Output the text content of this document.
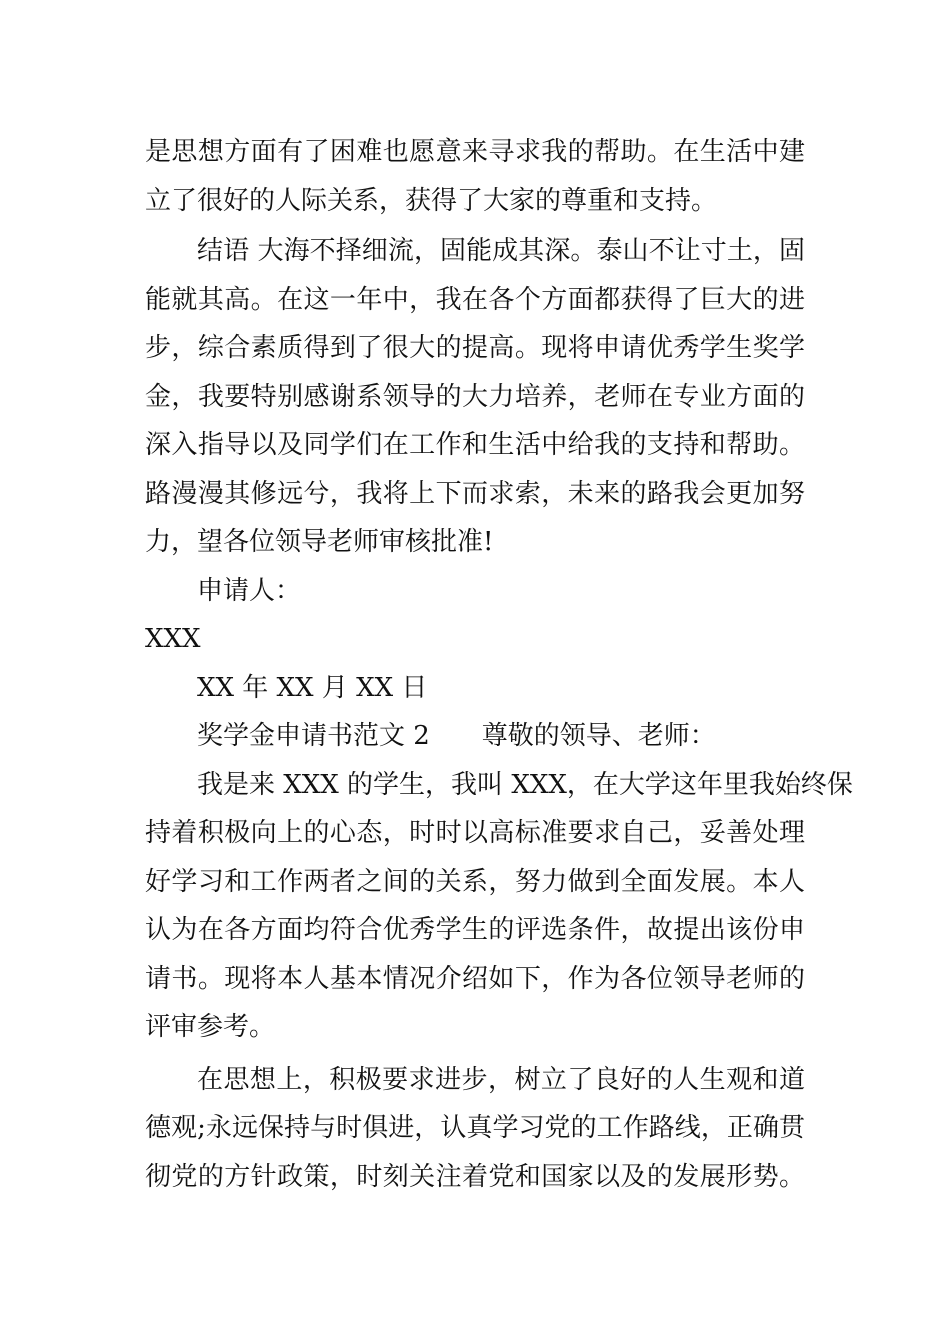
是思想方面有了困难也愿意来寻求我的帮助。在生活中建
立了很好的人际关系，获得了大家的尊重和支持。
结语 大海不择细流，固能成其深。泰山不让寸土，固
能就其高。在这一年中，我在各个方面都获得了巨大的进
步，综合素质得到了很大的提高。现将申请优秀学生奖学
金，我要特别感谢系领导的大力培养，老师在专业方面的
深入指导以及同学们在工作和生活中给我的支持和帮助。
路漫漫其修远兮，我将上下而求索，未来的路我会更加努
力，望各位领导老师审核批准!
申请人：
XXX
XX 年 XX 月 XX 日
奖学金申请书范文 2　　尊敬的领导、老师：
我是来 XXX 的学生，我叫 XXX，在大学这年里我始终保
持着积极向上的心态，时时以高标准要求自己，妥善处理
好学习和工作两者之间的关系，努力做到全面发展。本人
认为在各方面均符合优秀学生的评选条件，故提出该份申
请书。现将本人基本情况介绍如下，作为各位领导老师的
评审参考。
在思想上，积极要求进步，树立了良好的人生观和道
德观;永远保持与时俱进，认真学习党的工作路线，正确贯
彻党的方针政策，时刻关注着党和国家以及的发展形势。
